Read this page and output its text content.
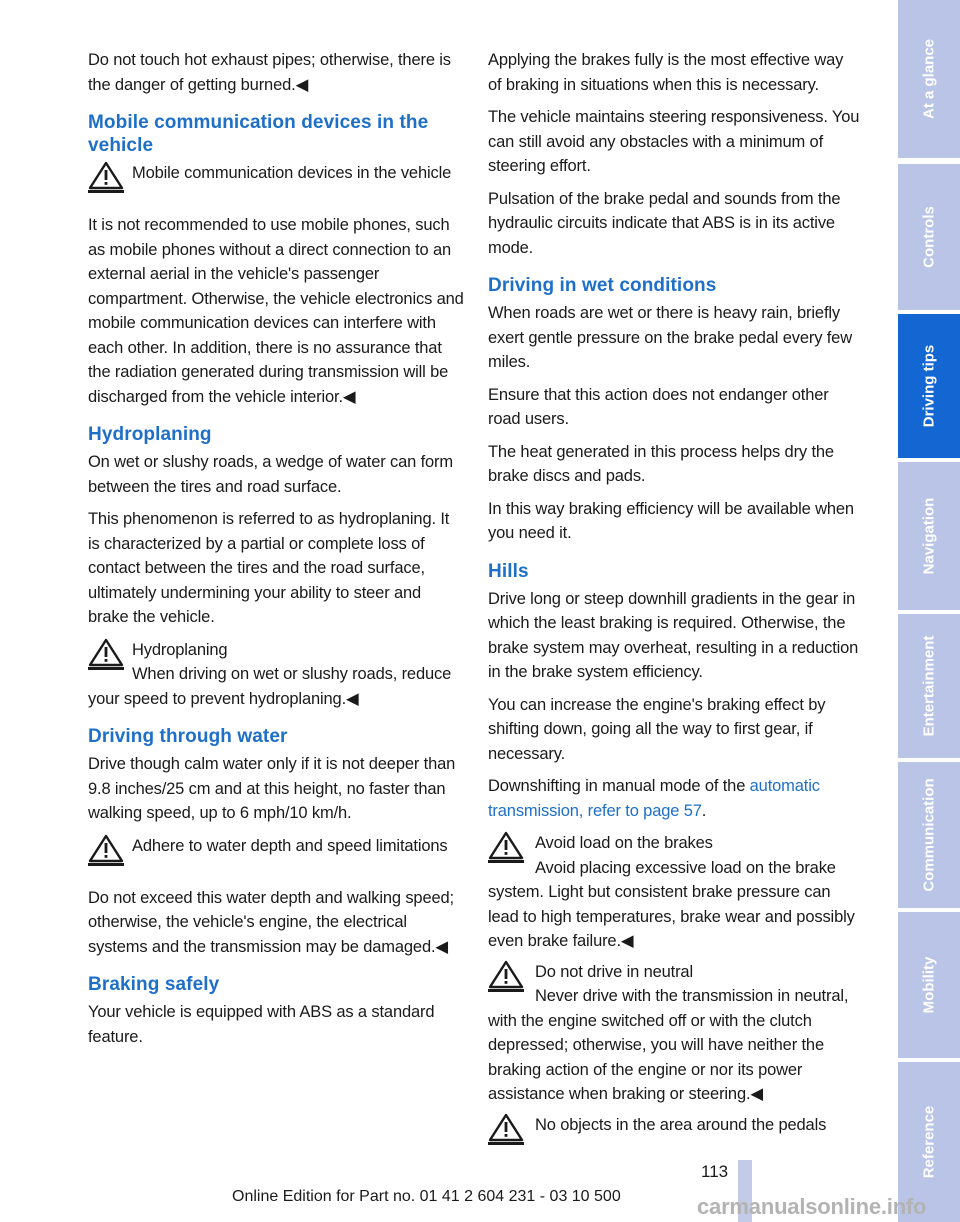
Do not touch hot exhaust pipes; otherwise, there is the danger of getting burned.◀

Mobile communication devices in the vehicle

Mobile communication devices in the vehicle

It is not recommended to use mobile phones, such as mobile phones without a direct connection to an external aerial in the vehicle's passenger compartment. Otherwise, the vehicle electronics and mobile communication devices can interfere with each other. In addition, there is no assurance that the radiation generated during transmission will be discharged from the vehicle interior.◀

Hydroplaning

On wet or slushy roads, a wedge of water can form between the tires and road surface.

This phenomenon is referred to as hydroplaning. It is characterized by a partial or complete loss of contact between the tires and the road surface, ultimately undermining your ability to steer and brake the vehicle.

Hydroplaning

When driving on wet or slushy roads, reduce your speed to prevent hydroplaning.◀

Driving through water

Drive though calm water only if it is not deeper than 9.8 inches/25 cm and at this height, no faster than walking speed, up to 6 mph/10 km/h.

Adhere to water depth and speed limitations

Do not exceed this water depth and walking speed; otherwise, the vehicle's engine, the electrical systems and the transmission may be damaged.◀

Braking safely

Your vehicle is equipped with ABS as a standard feature.

Applying the brakes fully is the most effective way of braking in situations when this is necessary.

The vehicle maintains steering responsiveness. You can still avoid any obstacles with a minimum of steering effort.

Pulsation of the brake pedal and sounds from the hydraulic circuits indicate that ABS is in its active mode.

Driving in wet conditions

When roads are wet or there is heavy rain, briefly exert gentle pressure on the brake pedal every few miles.

Ensure that this action does not endanger other road users.

The heat generated in this process helps dry the brake discs and pads.

In this way braking efficiency will be available when you need it.

Hills

Drive long or steep downhill gradients in the gear in which the least braking is required. Otherwise, the brake system may overheat, resulting in a reduction in the brake system efficiency.

You can increase the engine's braking effect by shifting down, going all the way to first gear, if necessary.

Downshifting in manual mode of the automatic transmission, refer to page 57.

Avoid load on the brakes

Avoid placing excessive load on the brake system. Light but consistent brake pressure can lead to high temperatures, brake wear and possibly even brake failure.◀

Do not drive in neutral

Never drive with the transmission in neutral, with the engine switched off or with the clutch depressed; otherwise, you will have neither the braking action of the engine or nor its power assistance when braking or steering.◀

No objects in the area around the pedals

At a glance
Controls
Driving tips
Navigation
Entertainment
Communication
Mobility
Reference
113
Online Edition for Part no. 01 41 2 604 231 - 03 10 500	carmanualsonline.info
